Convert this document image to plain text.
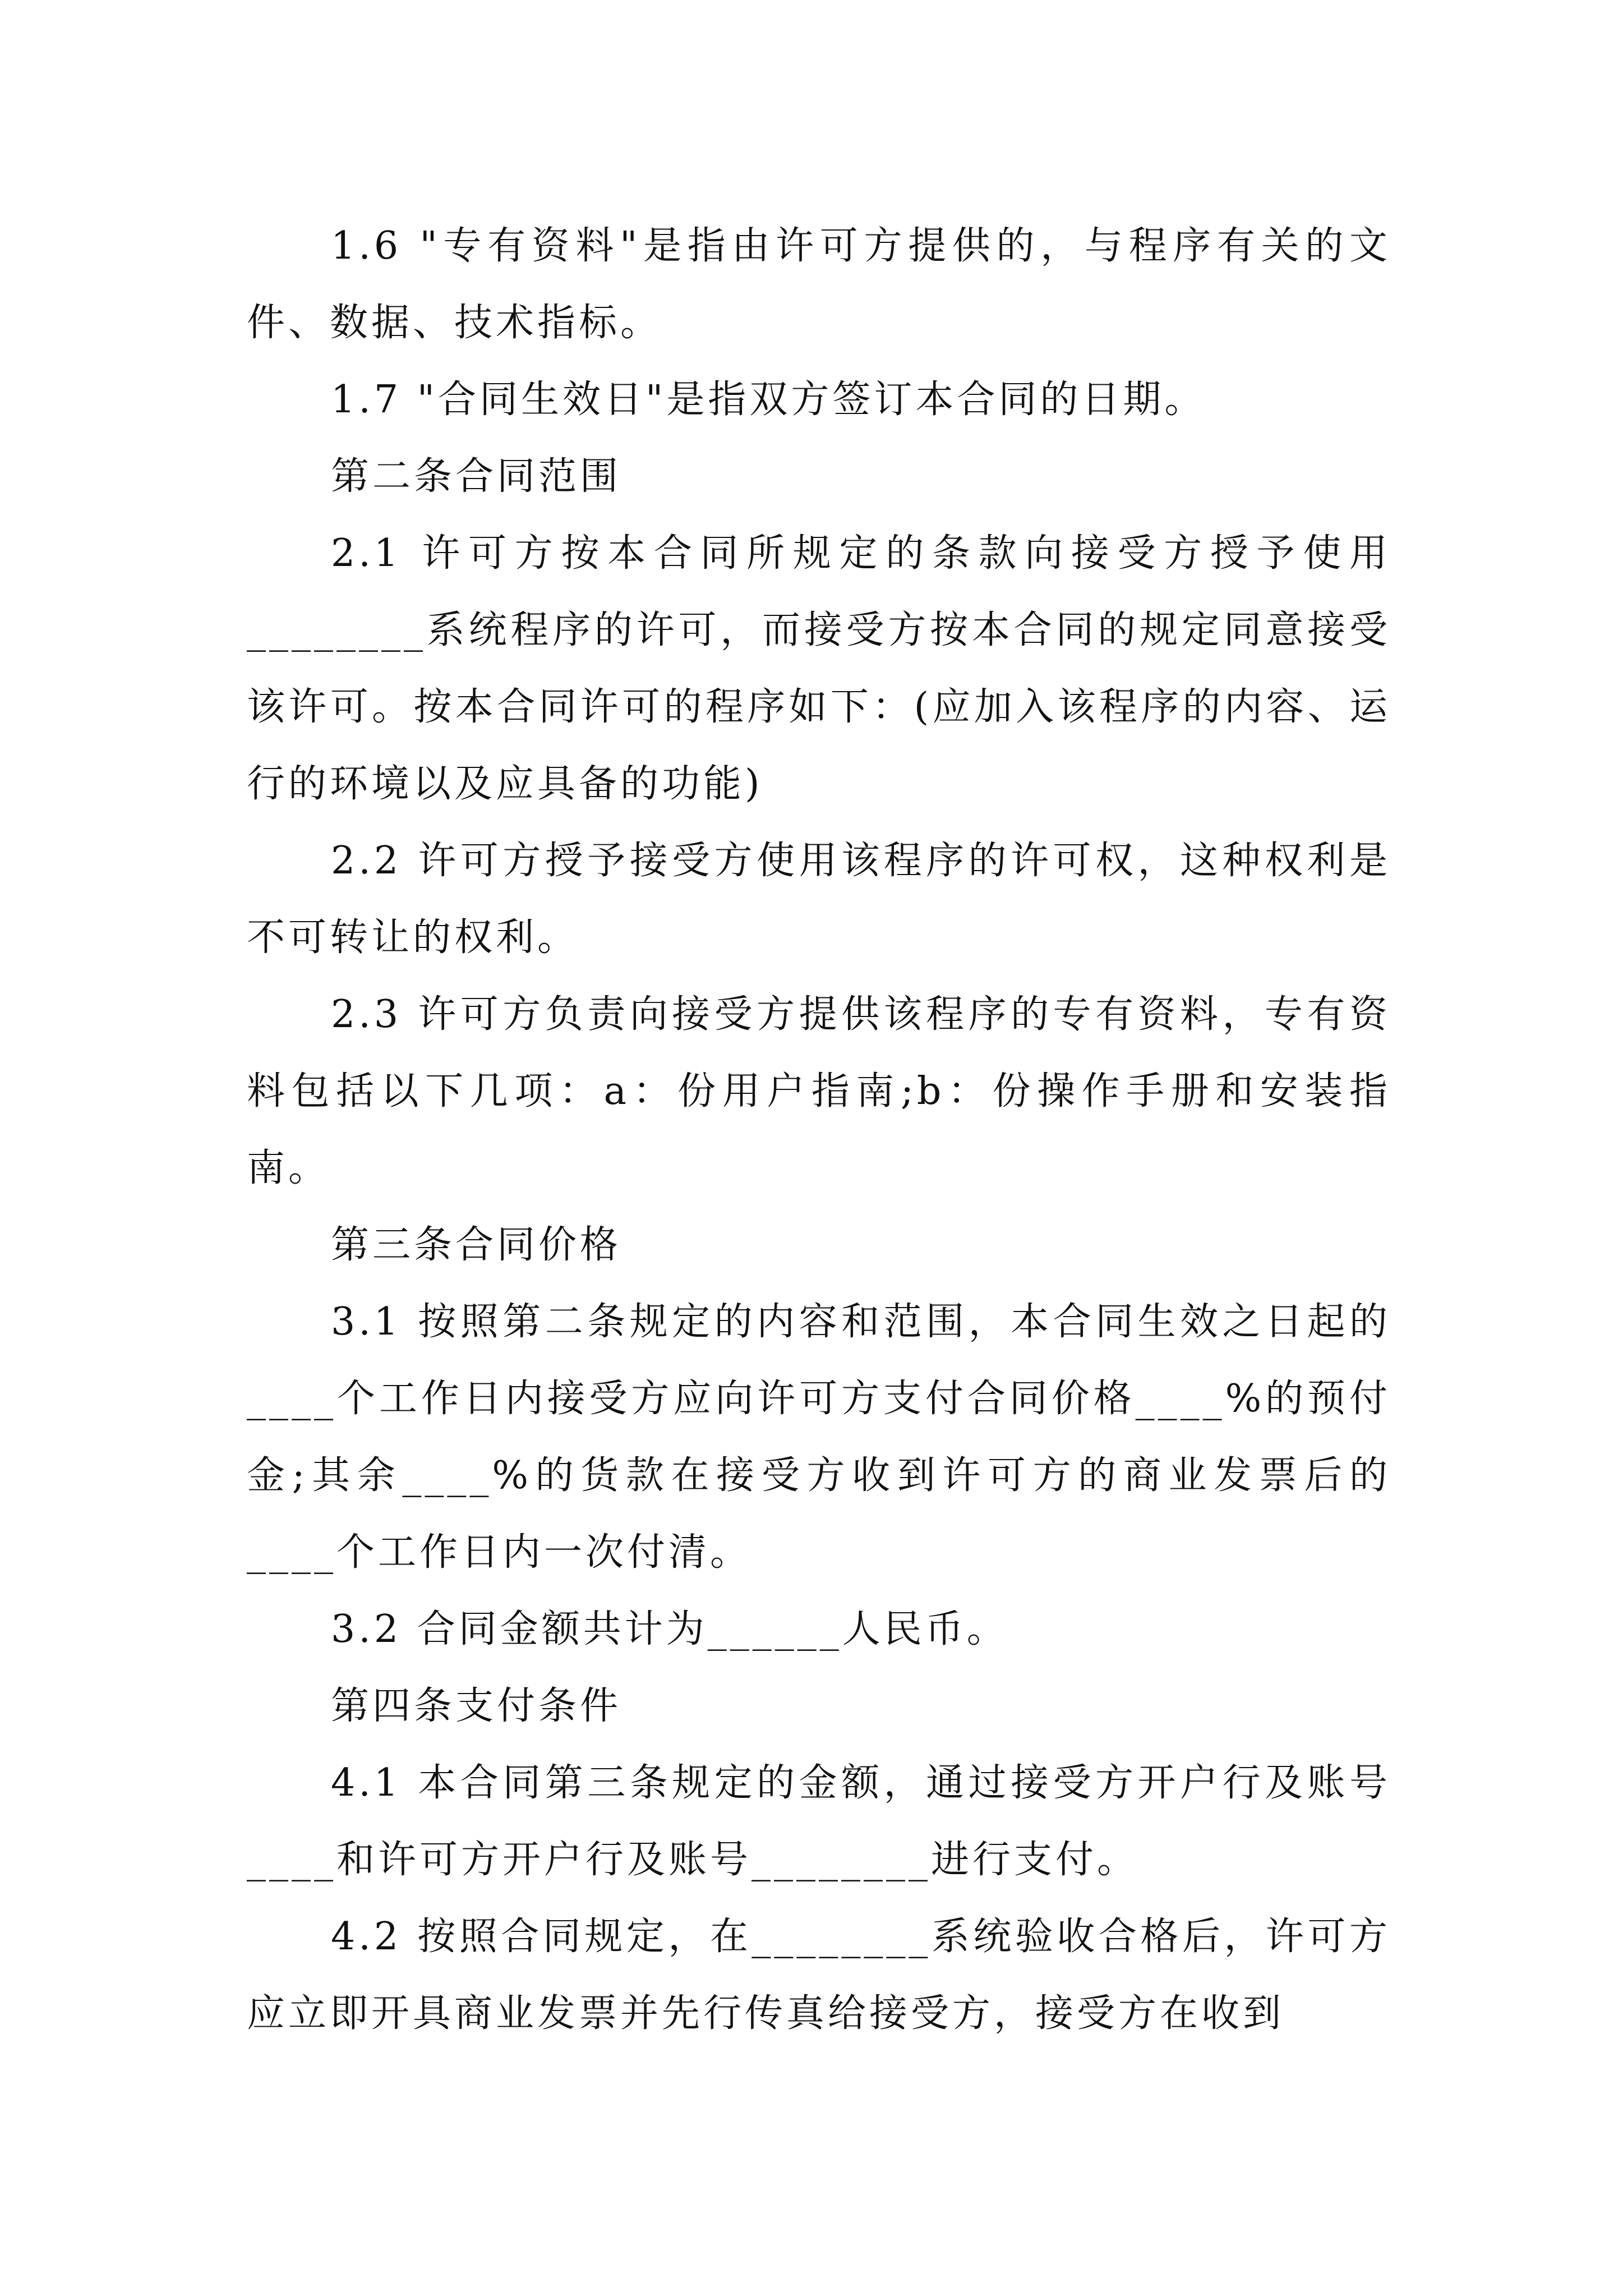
1.6 "专有资料"是指由许可方提供的，与程序有关的文件、数据、技术指标。

1.7 "合同生效日"是指双方签订本合同的日期。

第二条合同范围

2.1 许可方按本合同所规定的条款向接受方授予使用________系统程序的许可，而接受方按本合同的规定同意接受该许可。按本合同许可的程序如下：(应加入该程序的内容、运行的环境以及应具备的功能)

2.2 许可方授予接受方使用该程序的许可权，这种权利是不可转让的权利。

2.3 许可方负责向接受方提供该程序的专有资料，专有资料包括以下几项：a：份用户指南;b：份操作手册和安装指南。

第三条合同价格

3.1 按照第二条规定的内容和范围，本合同生效之日起的____个工作日内接受方应向许可方支付合同价格____%的预付金;其余____%的货款在接受方收到许可方的商业发票后的____个工作日内一次付清。

3.2 合同金额共计为______人民币。

第四条支付条件

4.1 本合同第三条规定的金额，通过接受方开户行及账号____和许可方开户行及账号________进行支付。

4.2 按照合同规定，在________系统验收合格后，许可方应立即开具商业发票并先行传真给接受方，接受方在收到
